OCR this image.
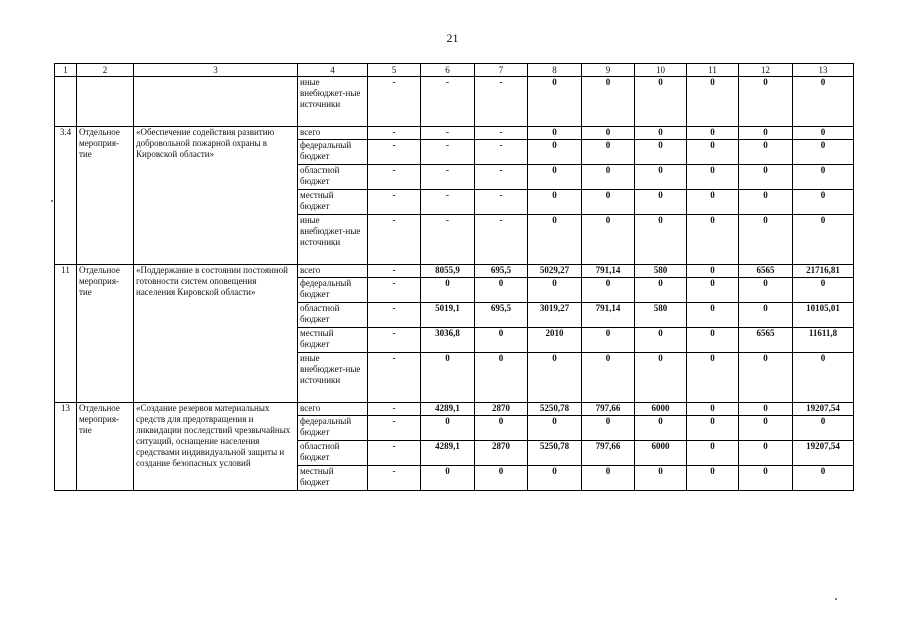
21
1	2	3	4	5	6	7	8	9	10	11	12	13
			иные внебюджет-ные источники	-	-	-	0	0	0	0	0	0
3.4	Отдельное мероприя-тие	«Обеспечение содействия развитию добровольной пожарной охраны в Кировской области»	всего	-	-	-	0	0	0	0	0	0
			федеральный бюджет	-	-	-	0	0	0	0	0	0
			областной бюджет	-	-	-	0	0	0	0	0	0
			местный бюджет	-	-	-	0	0	0	0	0	0
			иные внебюджет-ные источники	-	-	-	0	0	0	0	0	0
11	Отдельное мероприя-тие	«Поддержание в состоянии постоянной готовности систем оповещения населения Кировской области»	всего	-	8055,9	695,5	5029,27	791,14	580	0	6565	21716,81
			федеральный бюджет	-	0	0	0	0	0	0	0	0
			областной бюджет	-	5019,1	695,5	3019,27	791,14	580	0	0	10105,01
			местный бюджет	-	3036,8	0	2010	0	0	0	6565	11611,8
			иные внебюджет-ные источники	-	0	0	0	0	0	0	0	0
13	Отдельное мероприя-тие	«Создание резервов материальных средств для предотвращения и ликвидации последствий чрезвычайных ситуаций, оснащение населения средствами индивидуальной защиты и создание безопасных условий	всего	-	4289,1	2870	5250,78	797,66	6000	0	0	19207,54
			федеральный бюджет	-	0	0	0	0	0	0	0	0
			областной бюджет	-	4289,1	2870	5250,78	797,66	6000	0	0	19207,54
			местный бюджет	-	0	0	0	0	0	0	0	0
